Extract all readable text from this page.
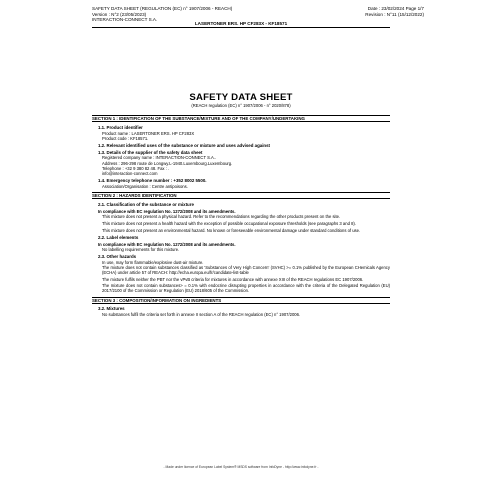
SAFETY DATA SHEET (REGULATION (EC) n° 1907/2006 - REACH)
Version : N°2 (23/05/2023)
INTERACTION-CONNECT S.A.
Date : 23/02/2024 Page 1/7
Revision : N°11 (15/12/2022)
LASERTONER ERS. HP CF283X - KF18571
SAFETY DATA SHEET
(REACH regulation (EC) n° 1907/2006 - n° 2020/878)
SECTION 1 : IDENTIFICATION OF THE SUBSTANCE/MIXTURE AND OF THE COMPANY/UNDERTAKING
1.1. Product identifier
Product name : LASERTONER ERS. HP CF283X
Product code : KF18571.
1.2. Relevant identified uses of the substance or mixture and uses advised against
1.3. Details of the supplier of the safety data sheet
Registered company name : INTERACTION-CONNECT S.A..
Address : 296-298 route de Longwy.L-1940.Luxembourg.Luxembourg.
Telephone : +32 9 380 82 48. Fax : .
info@interaction-connect.com
1.4. Emergency telephone number : +352 8002 5500.
Association/Organisation : Centre antipoisons.
SECTION 2 : HAZARDS IDENTIFICATION
2.1. Classification of the substance or mixture
In compliance with EC regulation No. 1272/2008 and its amendments.
This mixture does not present a physical hazard. Refer to the recommendations regarding the other products present on the site.
This mixture does not present a health hazard with the exception of possible occupational exposure thresholds (see paragraphs 3 and 8).
This mixture does not present an environmental hazard. No known or foreseeable environmental damage under standard conditions of use.
2.2. Label elements
In compliance with EC regulation No. 1272/2008 and its amendments.
No labelling requirements for this mixture.
2.3. Other hazards
In use, may form flammable/explosive dust-air mixture.
The mixture does not contain substances classified as 'Substances of Very High Concern' (SVHC) >= 0.1% published by the European CHemicals Agency (ECHA) under article 57 of REACH: http://echa.europa.eu/fr/candidate-list-table
The mixture fulfils neither the PBT nor the vPvB criteria for mixtures in accordance with annexe XIII of the REACH regulations EC 1907/2006.
The mixture does not contain substances> = 0.1% with endocrine disrupting properties in accordance with the criteria of the Delegated Regulation (EU) 2017/2100 of the Commission or Regulation (EU) 2018/605 of the Commission.
SECTION 3 : COMPOSITION/INFORMATION ON INGREDIENTS
3.2. Mixtures
No substances fulfil the criteria set forth in annexe II section A of the REACH regulation (EC) n° 1907/2006.
- Made under licence of European Label System® MSDS software from InfoDyne - http://www.infodyne.fr -
